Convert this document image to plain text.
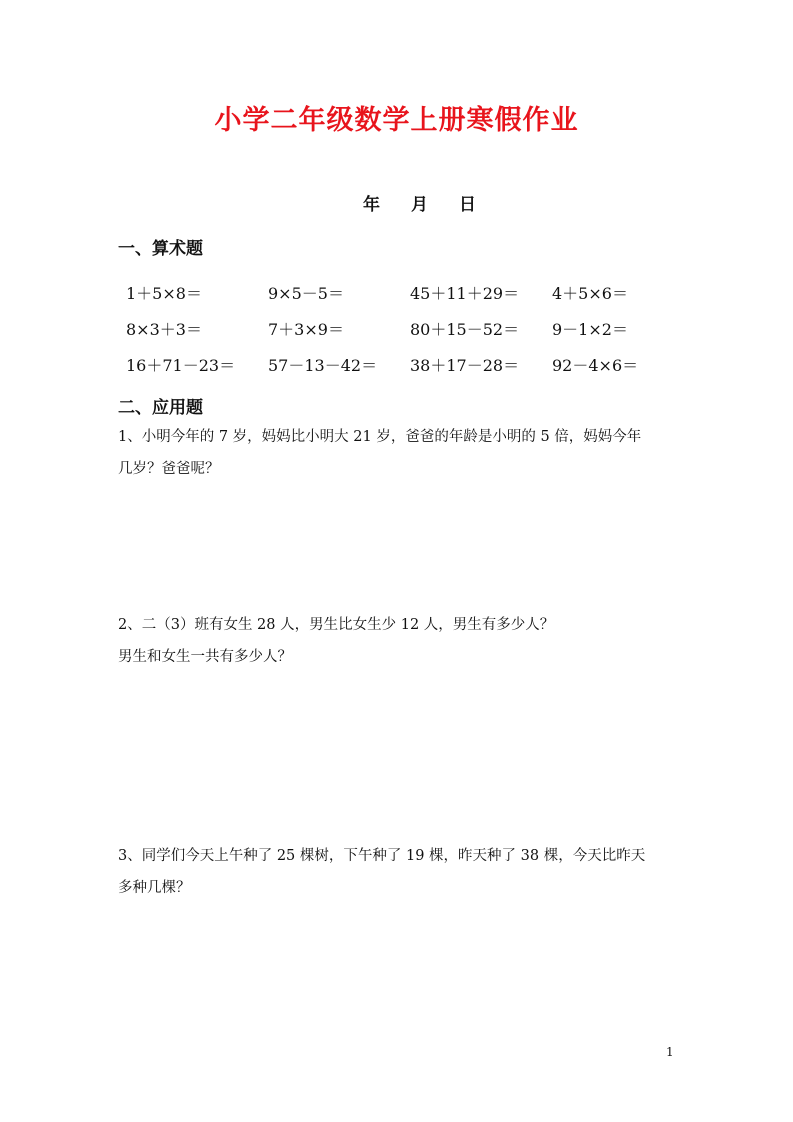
小学二年级数学上册寒假作业
年 月 日
一、算术题
1＋5×8＝	9×5－5＝	45＋11＋29＝ 4＋5×6＝
8×3＋3＝	7＋3×9＝	80＋15－52＝ 9－1×2＝
16＋71－23＝ 57－13－42＝ 38＋17－28＝ 92－4×6＝
二、应用题
1、小明今年的 7 岁，妈妈比小明大 21 岁，爸爸的年龄是小明的 5 倍，妈妈今年
几岁？爸爸呢？
2、二（3）班有女生 28 人，男生比女生少 12 人，男生有多少人？
男生和女生一共有多少人？
3、同学们今天上午种了 25 棵树，下午种了 19 棵，昨天种了 38 棵，今天比昨天
多种几棵？
1
